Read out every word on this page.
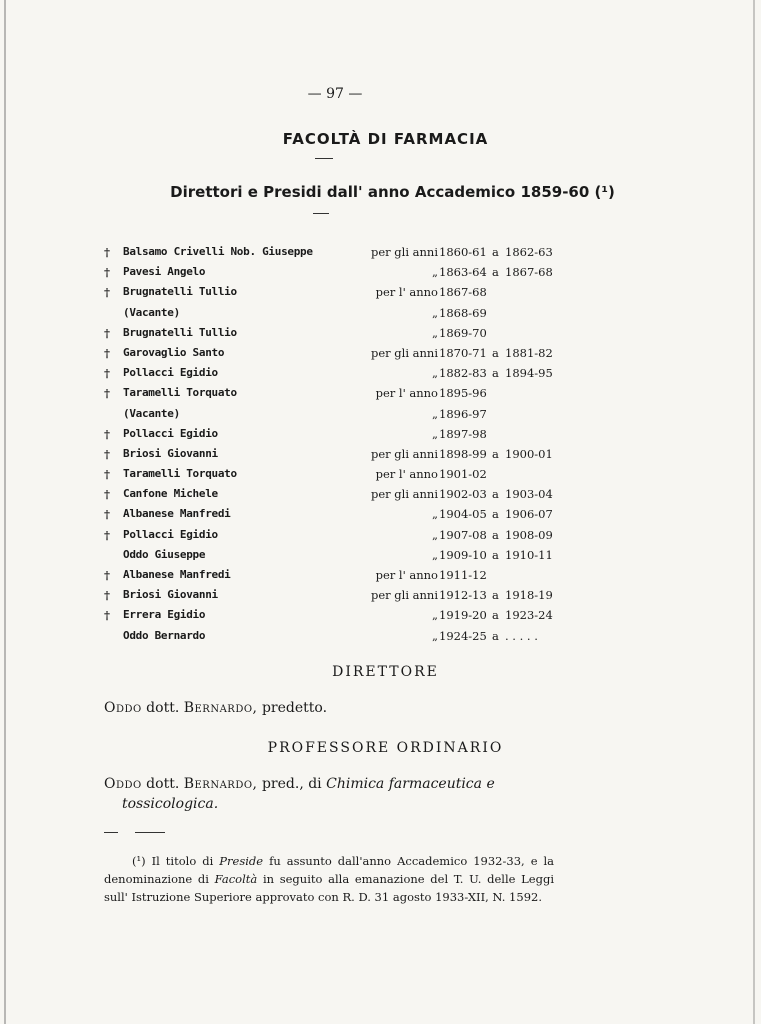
— 97 —
FACOLTÀ DI FARMACIA
Direttori e Presidi dall' anno Accademico 1859-60 (¹)
†	Balsamo Crivelli Nob. Giuseppe	per gli anni 1860-61 a 1862-63
†	Pavesi Angelo	„ 1863-64 a 1867-68
†	Brugnatelli Tullio	per l' anno 1867-68
(Vacante)	„ 1868-69
†	Brugnatelli Tullio	„ 1869-70
†	Garovaglio Santo	per gli anni 1870-71 a 1881-82
†	Pollacci Egidio	„ 1882-83 a 1894-95
†	Taramelli Torquato	per l' anno 1895-96
(Vacante)	„ 1896-97
†	Pollacci Egidio	„ 1897-98
†	Briosi Giovanni	per gli anni 1898-99 a 1900-01
†	Taramelli Torquato	per l' anno 1901-02
†	Canfone Michele	per gli anni 1902-03 a 1903-04
†	Albanese Manfredi	„ 1904-05 a 1906-07
†	Pollacci Egidio	„ 1907-08 a 1908-09
Oddo Giuseppe	„ 1909-10 a 1910-11
†	Albanese Manfredi	per l' anno 1911-12
†	Briosi Giovanni	per gli anni 1912-13 a 1918-19
†	Errera Egidio	„ 1919-20 a 1923-24
Oddo Bernardo	„ 1924-25 a . . . . .
DIRETTORE
Oddo dott. Bernardo, predetto.
PROFESSORE ORDINARIO
Oddo dott. Bernardo, pred., di Chimica farmaceutica e
tossicologica.

(¹) Il titolo di Preside fu assunto dall'anno Accademico 1932-33, e la denominazione di Facoltà in seguito alla emanazione del T. U. delle Leggi sull' Istruzione Superiore approvato con R. D. 31 agosto 1933-XII, N. 1592.
